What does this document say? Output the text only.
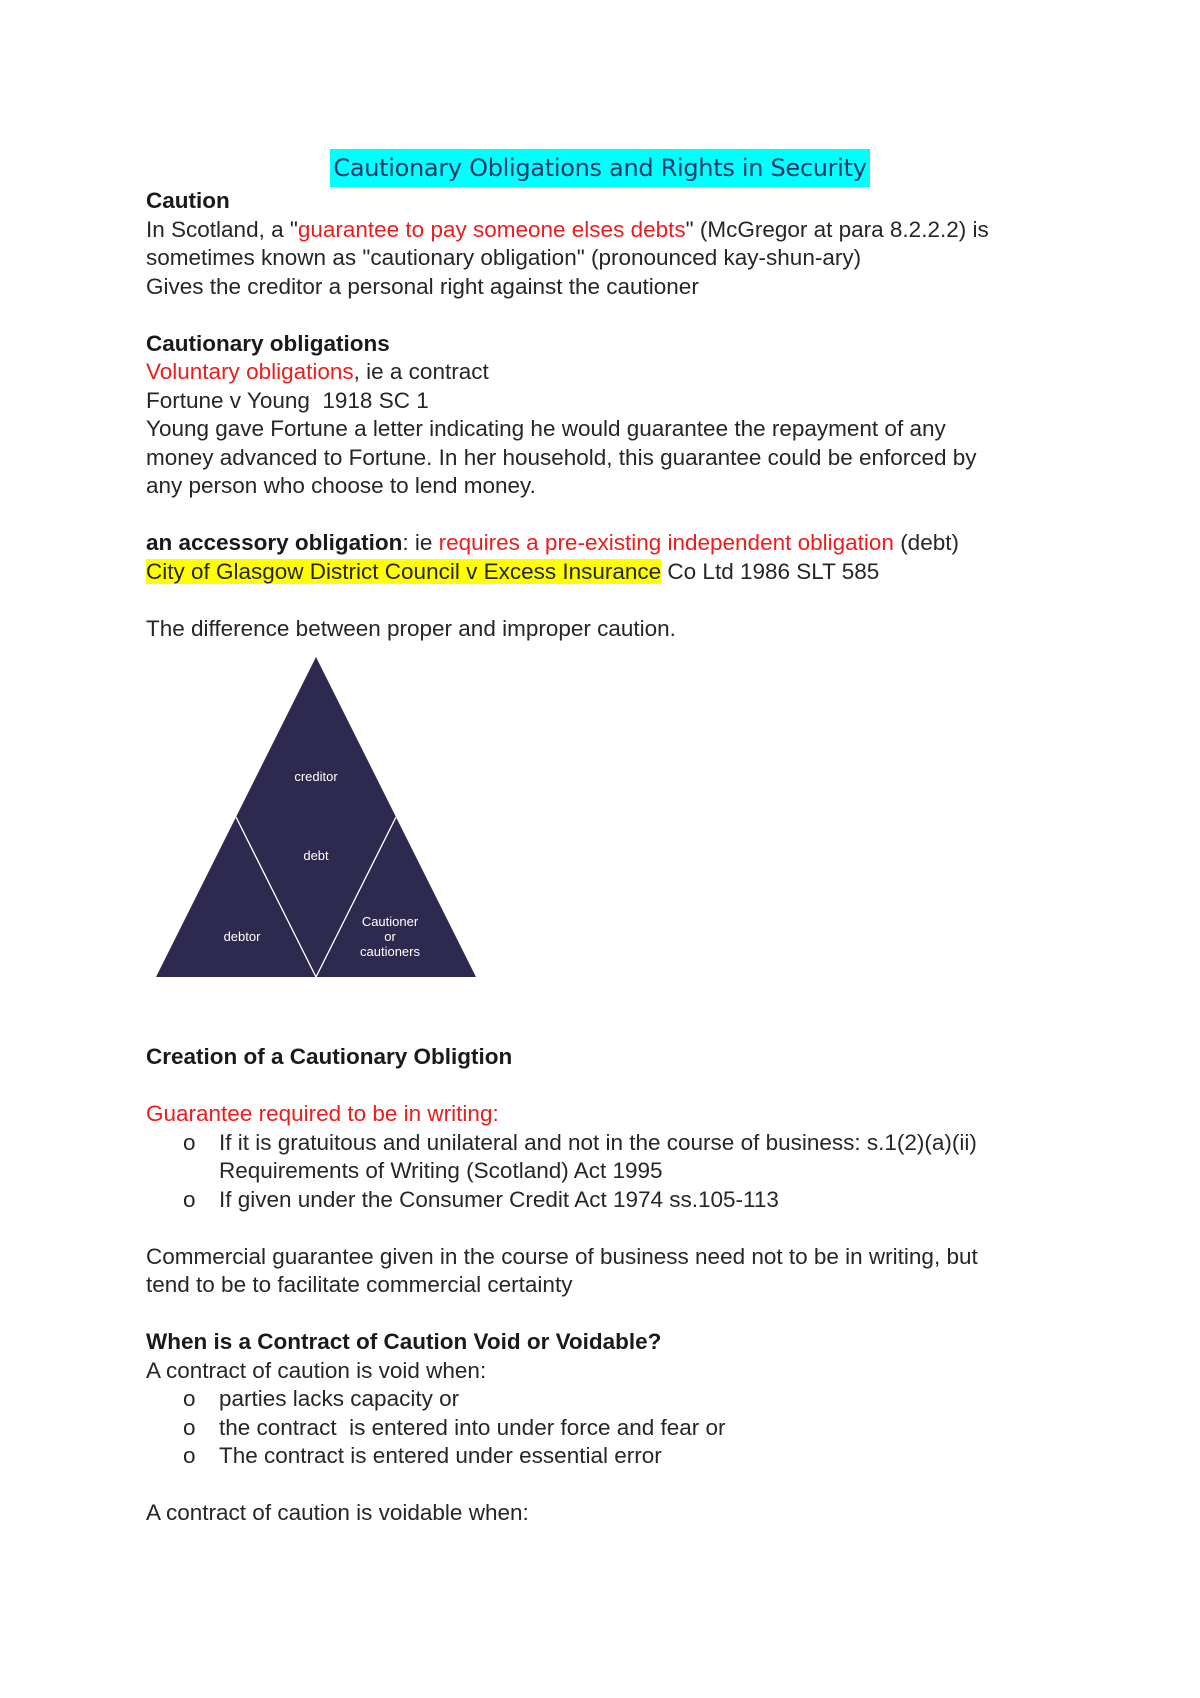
Cautionary Obligations and Rights in Security

Caution

In Scotland, a "guarantee to pay someone elses debts" (McGregor at para 8.2.2.2) is

sometimes known as "cautionary obligation" (pronounced kay-shun-ary)

Gives the creditor a personal right against the cautioner

Cautionary obligations

Voluntary obligations, ie a contract

Fortune v Young  1918 SC 1

Young gave Fortune a letter indicating he would guarantee the repayment of any

money advanced to Fortune. In her household, this guarantee could be enforced by

any person who choose to lend money.

an accessory obligation: ie requires a pre-existing independent obligation (debt)

City of Glasgow District Council v Excess Insurance Co Ltd 1986 SLT 585

The difference between proper and improper caution.

creditor
debt
debtor
Cautioner
or
cautioners

Creation of a Cautionary Obligtion

Guarantee required to be in writing:

o If it is gratuitous and unilateral and not in the course of business: s.1(2)(a)(ii)
Requirements of Writing (Scotland) Act 1995
o If given under the Consumer Credit Act 1974 ss.105-113

Commercial guarantee given in the course of business need not to be in writing, but

tend to be to facilitate commercial certainty

When is a Contract of Caution Void or Voidable?

A contract of caution is void when:

o parties lacks capacity or
o the contract  is entered into under force and fear or
o The contract is entered under essential error

A contract of caution is voidable when:
